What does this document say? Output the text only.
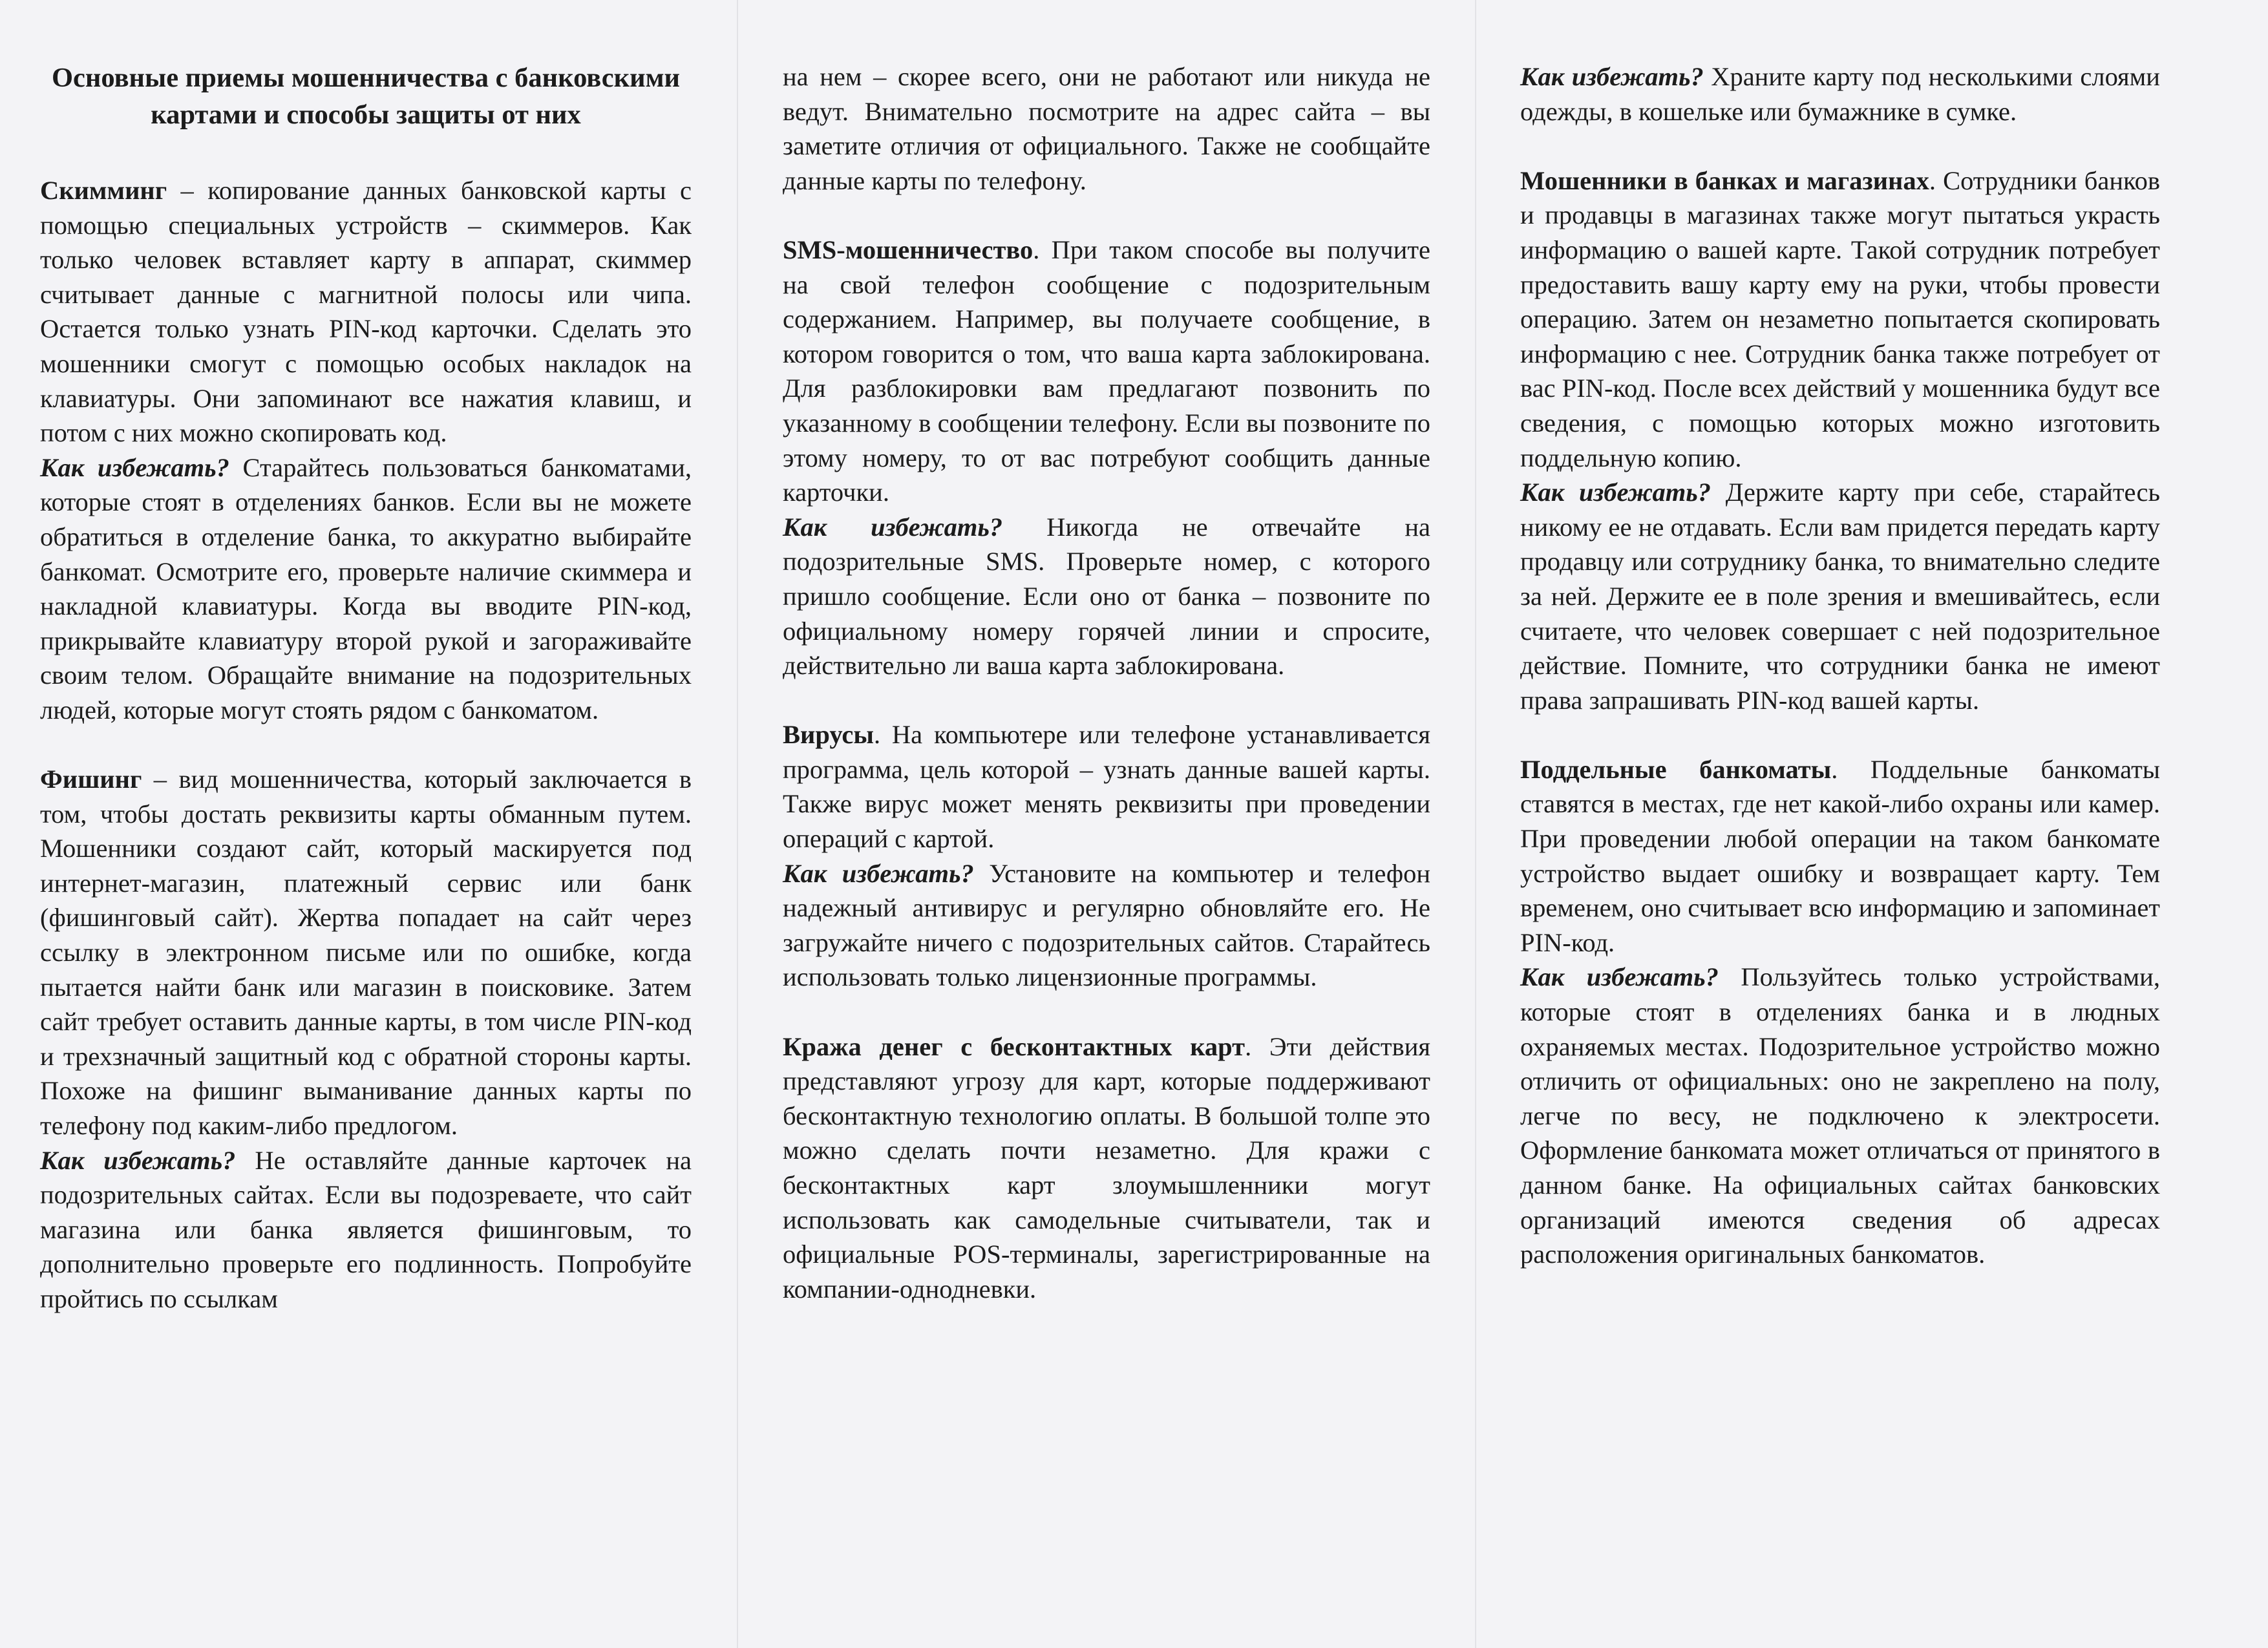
Основные приемы мошенничества с банковскими картами и способы защиты от них

Скимминг – копирование данных банковской карты с помощью специальных устройств – скиммеров. Как только человек вставляет карту в аппарат, скиммер считывает данные с магнитной полосы или чипа. Остается только узнать PIN-код карточки. Сделать это мошенники смогут с помощью особых накладок на клавиатуры. Они запоминают все нажатия клавиш, и потом с них можно скопировать код.

Как избежать? Старайтесь пользоваться банкоматами, которые стоят в отделениях банков. Если вы не можете обратиться в отделение банка, то аккуратно выбирайте банкомат. Осмотрите его, проверьте наличие скиммера и накладной клавиатуры. Когда вы вводите PIN-код, прикрывайте клавиатуру второй рукой и загораживайте своим телом. Обращайте внимание на подозрительных людей, которые могут стоять рядом с банкоматом.

Фишинг – вид мошенничества, который заключается в том, чтобы достать реквизиты карты обманным путем. Мошенники создают сайт, который маскируется под интернет-магазин, платежный сервис или банк (фишинговый сайт). Жертва попадает на сайт через ссылку в электронном письме или по ошибке, когда пытается найти банк или магазин в поисковике. Затем сайт требует оставить данные карты, в том числе PIN-код и трехзначный защитный код с обратной стороны карты. Похоже на фишинг выманивание данных карты по телефону под каким-либо предлогом.

Как избежать? Не оставляйте данные карточек на подозрительных сайтах. Если вы подозреваете, что сайт магазина или банка является фишинговым, то дополнительно проверьте его подлинность. Попробуйте пройтись по ссылкам

на нем – скорее всего, они не работают или никуда не ведут. Внимательно посмотрите на адрес сайта – вы заметите отличия от официального. Также не сообщайте данные карты по телефону.

SMS-мошенничество. При таком способе вы получите на свой телефон сообщение с подозрительным содержанием. Например, вы получаете сообщение, в котором говорится о том, что ваша карта заблокирована. Для разблокировки вам предлагают позвонить по указанному в сообщении телефону. Если вы позвоните по этому номеру, то от вас потребуют сообщить данные карточки.

Как избежать? Никогда не отвечайте на подозрительные SMS. Проверьте номер, с которого пришло сообщение. Если оно от банка – позвоните по официальному номеру горячей линии и спросите, действительно ли ваша карта заблокирована.

Вирусы. На компьютере или телефоне устанавливается программа, цель которой – узнать данные вашей карты. Также вирус может менять реквизиты при проведении операций с картой.

Как избежать? Установите на компьютер и телефон надежный антивирус и регулярно обновляйте его. Не загружайте ничего с подозрительных сайтов. Старайтесь использовать только лицензионные программы.

Кража денег с бесконтактных карт. Эти действия представляют угрозу для карт, которые поддерживают бесконтактную технологию оплаты. В большой толпе это можно сделать почти незаметно. Для кражи с бесконтактных карт злоумышленники могут использовать как самодельные считыватели, так и официальные POS-терминалы, зарегистрированные на компании-однодневки.

Как избежать? Храните карту под несколькими слоями одежды, в кошельке или бумажнике в сумке.

Мошенники в банках и магазинах. Сотрудники банков и продавцы в магазинах также могут пытаться украсть информацию о вашей карте. Такой сотрудник потребует предоставить вашу карту ему на руки, чтобы провести операцию. Затем он незаметно попытается скопировать информацию с нее. Сотрудник банка также потребует от вас PIN-код. После всех действий у мошенника будут все сведения, с помощью которых можно изготовить поддельную копию.

Как избежать? Держите карту при себе, старайтесь никому ее не отдавать. Если вам придется передать карту продавцу или сотруднику банка, то внимательно следите за ней. Держите ее в поле зрения и вмешивайтесь, если считаете, что человек совершает с ней подозрительное действие. Помните, что сотрудники банка не имеют права запрашивать PIN-код вашей карты.

Поддельные банкоматы. Поддельные банкоматы ставятся в местах, где нет какой-либо охраны или камер. При проведении любой операции на таком банкомате устройство выдает ошибку и возвращает карту. Тем временем, оно считывает всю информацию и запоминает PIN-код.

Как избежать? Пользуйтесь только устройствами, которые стоят в отделениях банка и в людных охраняемых местах. Подозрительное устройство можно отличить от официальных: оно не закреплено на полу, легче по весу, не подключено к электросети. Оформление банкомата может отличаться от принятого в данном банке. На официальных сайтах банковских организаций имеются сведения об адресах расположения оригинальных банкоматов.
